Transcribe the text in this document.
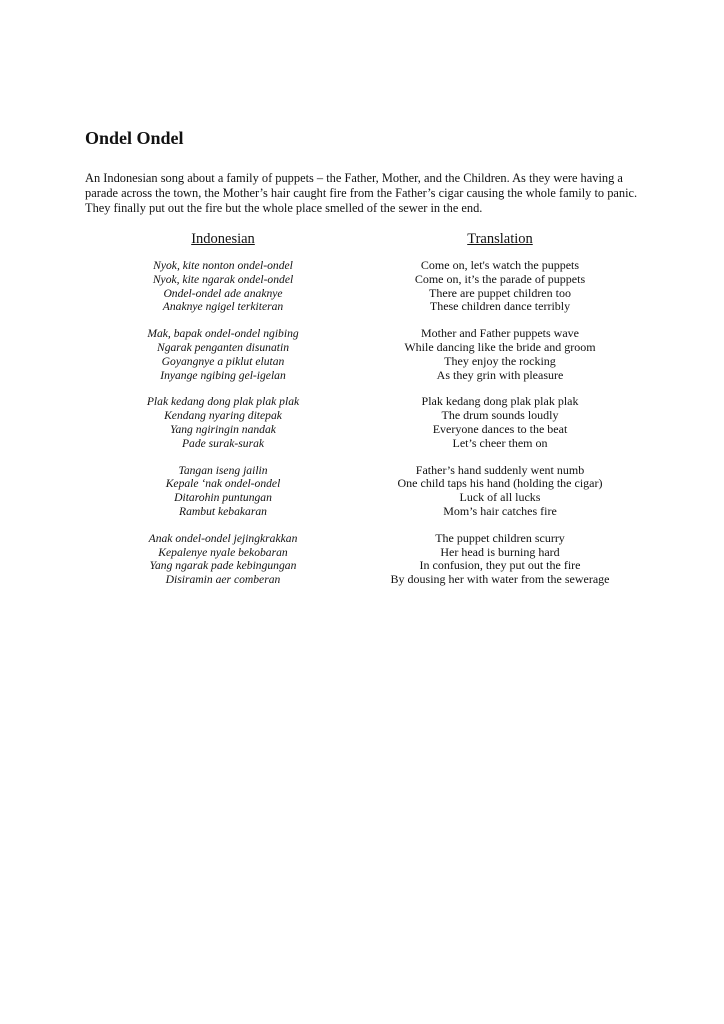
Ondel Ondel

An Indonesian song about a family of puppets – the Father, Mother, and the Children. As they were having a parade across the town, the Mother’s hair caught fire from the Father’s cigar causing the whole family to panic. They finally put out the fire but the whole place smelled of the sewer in the end.

Indonesian
Nyok, kite nonton ondel-ondel
Nyok, kite ngarak ondel-ondel
Ondel-ondel ade anaknye
Anaknye ngigel terkiteran
Mak, bapak ondel-ondel ngibing
Ngarak penganten disunatin
Goyangnye a piklut elutan
Inyange ngibing gel-igelan
Plak kedang dong plak plak plak
Kendang nyaring ditepak
Yang ngiringin nandak
Pade surak-surak
Tangan iseng jailin
Kepale ‘nak ondel-ondel
Ditarohin puntungan
Rambut kebakaran
Anak ondel-ondel jejingkrakkan
Kepalenye nyale bekobaran
Yang ngarak pade kebingungan
Disiramin aer comberan
Translation
Come on, let's watch the puppets
Come on, it’s the parade of puppets
There are puppet children too
These children dance terribly
Mother and Father puppets wave
While dancing like the bride and groom
They enjoy the rocking
As they grin with pleasure
Plak kedang dong plak plak plak
The drum sounds loudly
Everyone dances to the beat
Let’s cheer them on
Father’s hand suddenly went numb
One child taps his hand (holding the cigar)
Luck of all lucks
Mom’s hair catches fire
The puppet children scurry
Her head is burning hard
In confusion, they put out the fire
By dousing her with water from the sewerage
